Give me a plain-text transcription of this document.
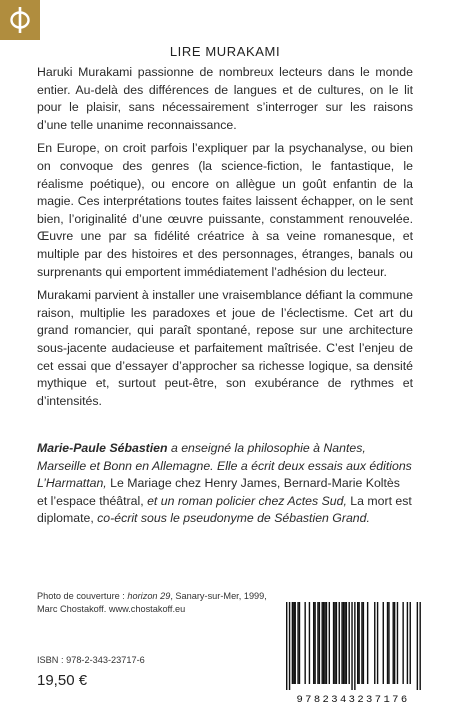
LIRE MURAKAMI

Haruki Murakami passionne de nombreux lecteurs dans le monde entier. Au-delà des différences de langues et de cultures, on le lit pour le plaisir, sans nécessairement s’interroger sur les raisons d’une telle unanime reconnaissance.

En Europe, on croit parfois l’expliquer par la psychanalyse, ou bien on convoque des genres (la science-fiction, le fantastique, le réalisme poétique), ou encore on allègue un goût enfantin de la magie. Ces interprétations toutes faites laissent échapper, on le sent bien, l’originalité d’une œuvre puissante, constamment renouvelée. Œuvre une par sa fidélité créatrice à sa veine romanesque, et multiple par des histoires et des personnages, étranges, banals ou surprenants qui emportent immédiatement l’adhésion du lecteur.

Murakami parvient à installer une vraisemblance défiant la commune raison, multiplie les paradoxes et joue de l’éclectisme. Cet art du grand romancier, qui paraît spontané, repose sur une architecture sous-jacente audacieuse et parfaitement maîtrisée. C’est l’enjeu de cet essai que d’essayer d’approcher sa richesse logique, sa densité mythique et, surtout peut-être, son exubérance de rythmes et d’intensités.

Marie-Paule Sébastien a enseigné la philosophie à Nantes, Marseille et Bonn en Allemagne. Elle a écrit deux essais aux éditions L’Harmattan, Le Mariage chez Henry James, Bernard-Marie Koltès et l’espace théâtral, et un roman policier chez Actes Sud, La mort est diplomate, co-écrit sous le pseudonyme de Sébastien Grand.
Photo de couverture : horizon 29, Sanary-sur-Mer, 1999,
Marc Chostakoff. www.chostakoff.eu
ISBN : 978-2-343-23717-6
19,50 €
9782343237176
